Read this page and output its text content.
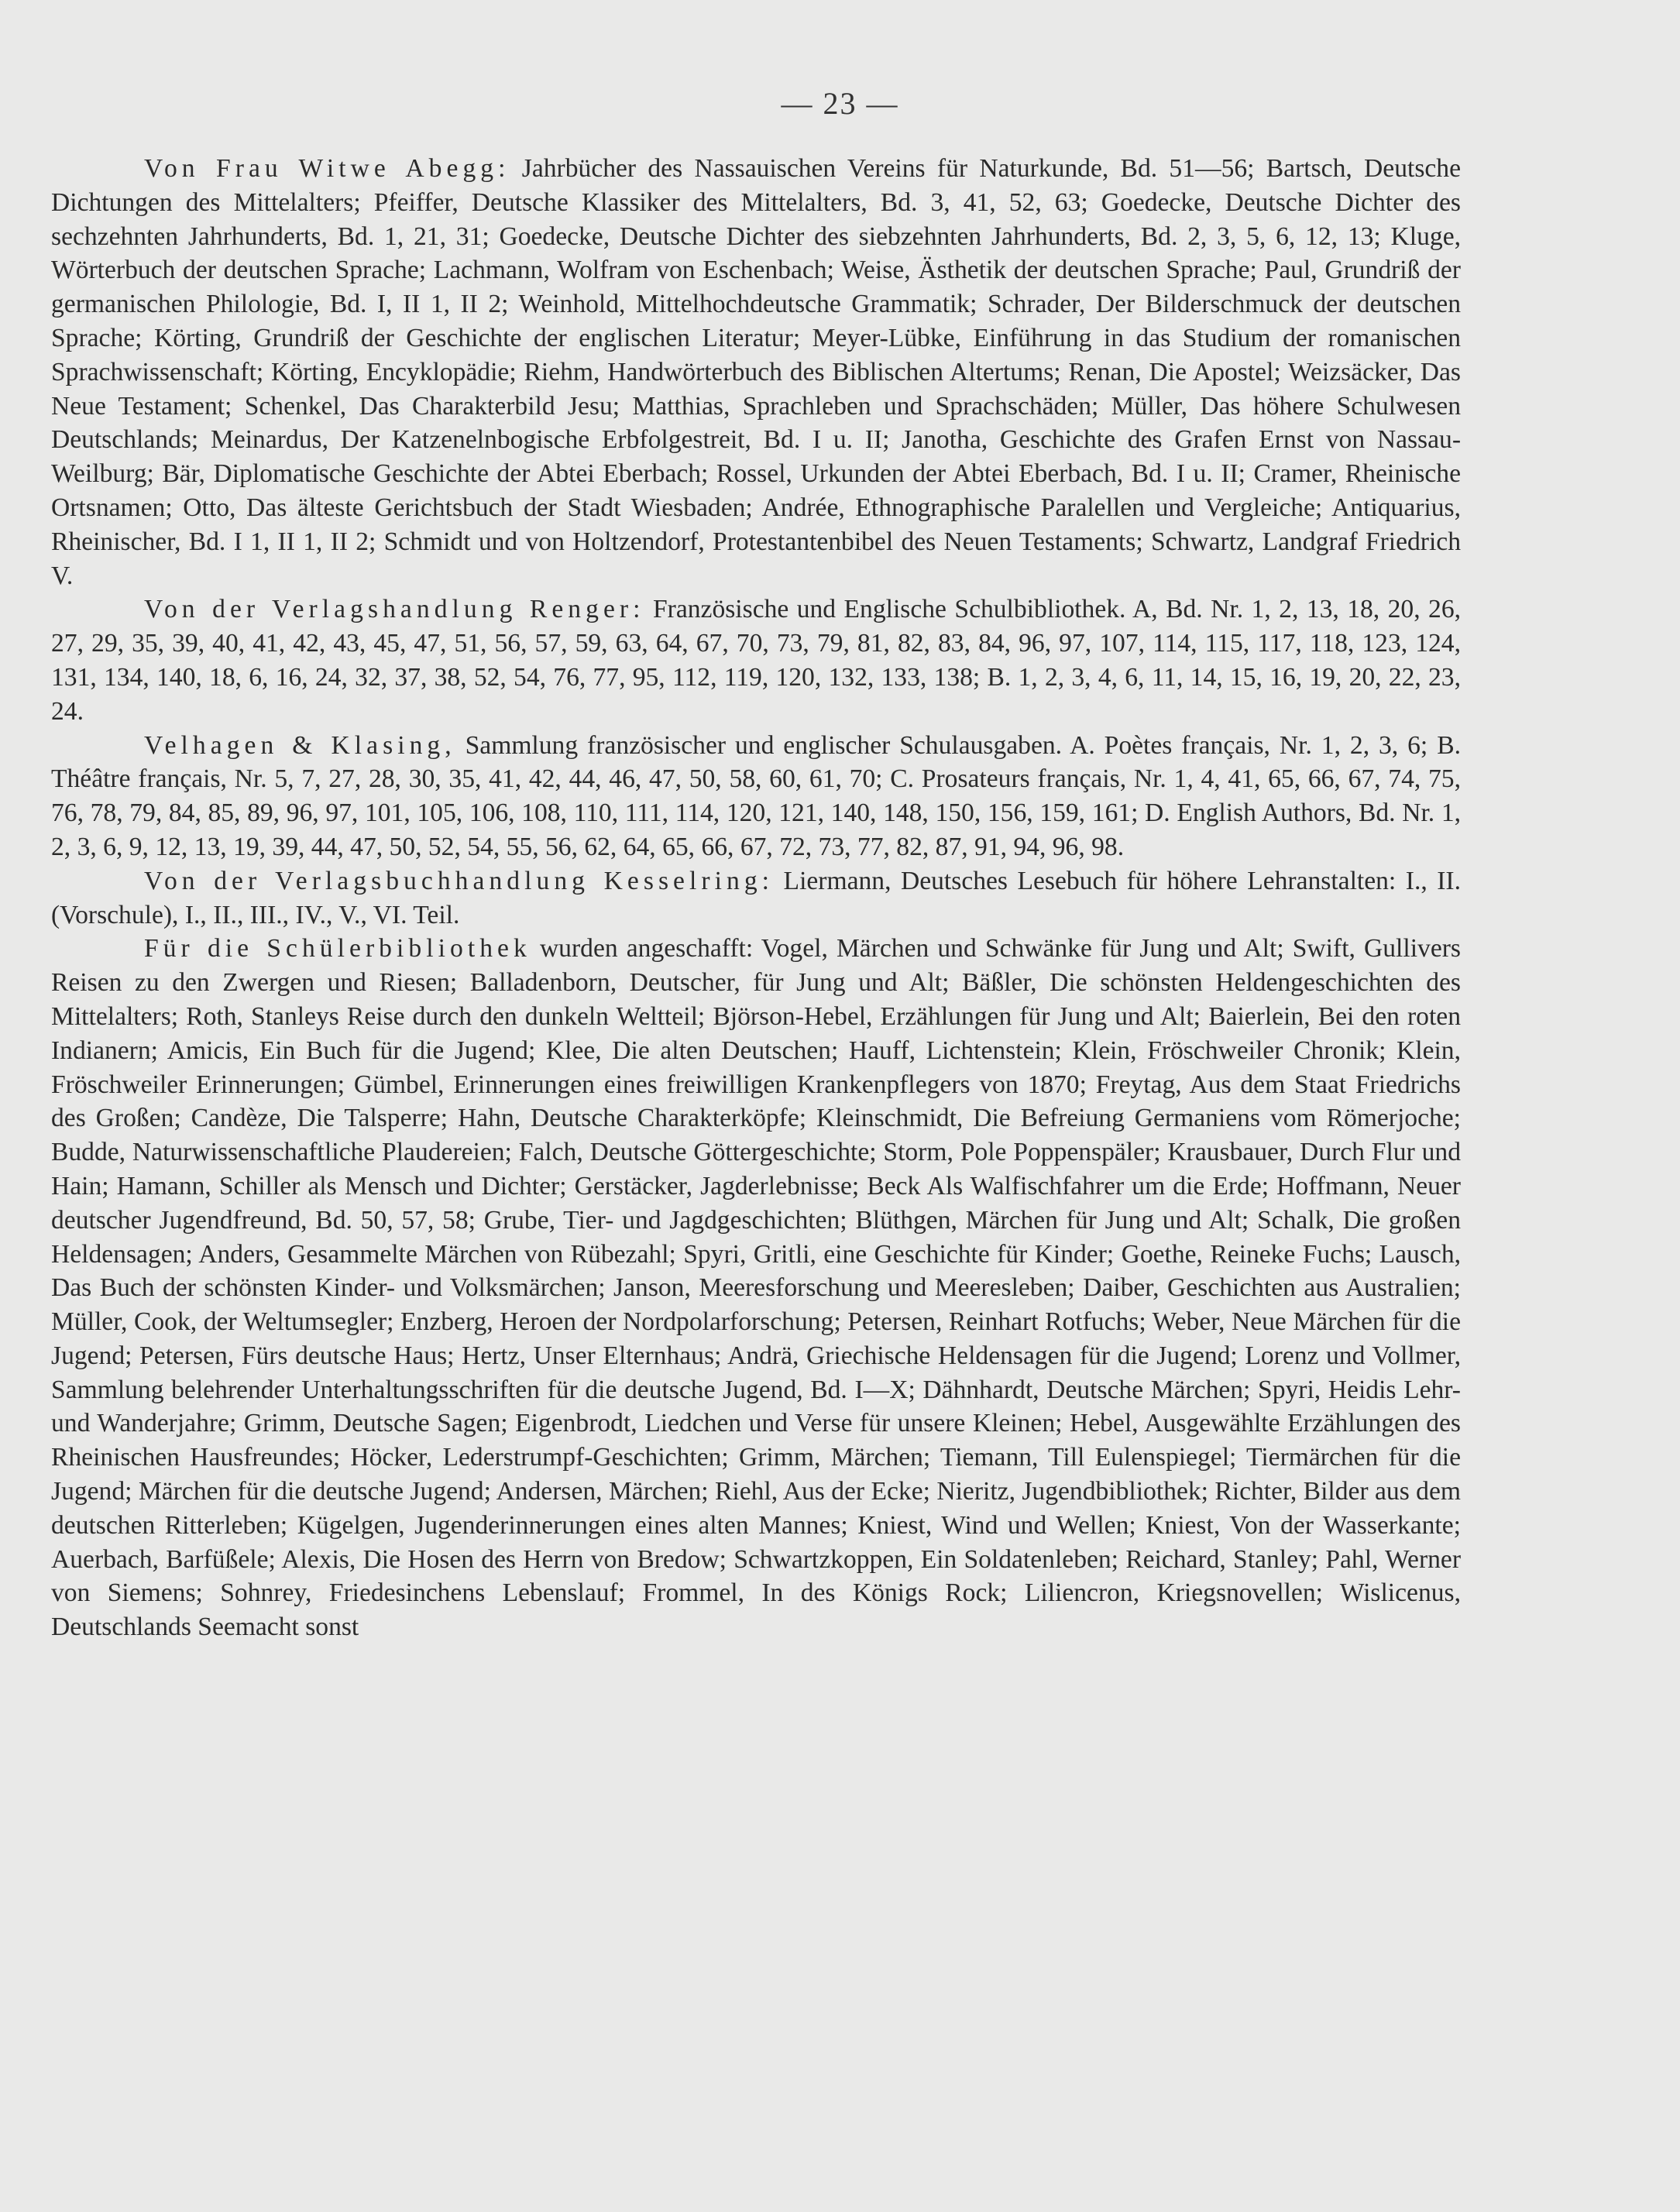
— 23 —

Von Frau Witwe Abegg: Jahrbücher des Nassauischen Vereins für Naturkunde, Bd. 51—56; Bartsch, Deutsche Dichtungen des Mittelalters; Pfeiffer, Deutsche Klassiker des Mittelalters, Bd. 3, 41, 52, 63; Goedecke, Deutsche Dichter des sechzehnten Jahrhunderts, Bd. 1, 21, 31; Goedecke, Deutsche Dichter des siebzehnten Jahrhunderts, Bd. 2, 3, 5, 6, 12, 13; Kluge, Wörterbuch der deutschen Sprache; Lachmann, Wolfram von Eschenbach; Weise, Ästhetik der deutschen Sprache; Paul, Grundriß der germanischen Philologie, Bd. I, II 1, II 2; Weinhold, Mittelhochdeutsche Grammatik; Schrader, Der Bilderschmuck der deutschen Sprache; Körting, Grundriß der Geschichte der englischen Literatur; Meyer-Lübke, Einführung in das Studium der romanischen Sprachwissenschaft; Körting, Encyklopädie; Riehm, Handwörterbuch des Biblischen Altertums; Renan, Die Apostel; Weizsäcker, Das Neue Testament; Schenkel, Das Charakterbild Jesu; Matthias, Sprachleben und Sprachschäden; Müller, Das höhere Schulwesen Deutschlands; Meinardus, Der Katzenelnbogische Erbfolgestreit, Bd. I u. II; Janotha, Geschichte des Grafen Ernst von Nassau-Weilburg; Bär, Diplomatische Geschichte der Abtei Eberbach; Rossel, Urkunden der Abtei Eberbach, Bd. I u. II; Cramer, Rheinische Ortsnamen; Otto, Das älteste Gerichtsbuch der Stadt Wiesbaden; Andrée, Ethnographische Paralellen und Vergleiche; Antiquarius, Rheinischer, Bd. I 1, II 1, II 2; Schmidt und von Holtzendorf, Protestantenbibel des Neuen Testaments; Schwartz, Landgraf Friedrich V.

Von der Verlagshandlung Renger: Französische und Englische Schulbibliothek. A, Bd. Nr. 1, 2, 13, 18, 20, 26, 27, 29, 35, 39, 40, 41, 42, 43, 45, 47, 51, 56, 57, 59, 63, 64, 67, 70, 73, 79, 81, 82, 83, 84, 96, 97, 107, 114, 115, 117, 118, 123, 124, 131, 134, 140, 18, 6, 16, 24, 32, 37, 38, 52, 54, 76, 77, 95, 112, 119, 120, 132, 133, 138; B. 1, 2, 3, 4, 6, 11, 14, 15, 16, 19, 20, 22, 23, 24.

Velhagen & Klasing, Sammlung französischer und englischer Schulausgaben. A. Poètes français, Nr. 1, 2, 3, 6; B. Théâtre français, Nr. 5, 7, 27, 28, 30, 35, 41, 42, 44, 46, 47, 50, 58, 60, 61, 70; C. Prosateurs français, Nr. 1, 4, 41, 65, 66, 67, 74, 75, 76, 78, 79, 84, 85, 89, 96, 97, 101, 105, 106, 108, 110, 111, 114, 120, 121, 140, 148, 150, 156, 159, 161; D. English Authors, Bd. Nr. 1, 2, 3, 6, 9, 12, 13, 19, 39, 44, 47, 50, 52, 54, 55, 56, 62, 64, 65, 66, 67, 72, 73, 77, 82, 87, 91, 94, 96, 98.

Von der Verlagsbuchhandlung Kesselring: Liermann, Deutsches Lesebuch für höhere Lehranstalten: I., II. (Vorschule), I., II., III., IV., V., VI. Teil.

Für die Schülerbibliothek wurden angeschafft: Vogel, Märchen und Schwänke für Jung und Alt; Swift, Gullivers Reisen zu den Zwergen und Riesen; Balladenborn, Deutscher, für Jung und Alt; Bäßler, Die schönsten Heldengeschichten des Mittelalters; Roth, Stanleys Reise durch den dunkeln Weltteil; Björson-Hebel, Erzählungen für Jung und Alt; Baierlein, Bei den roten Indianern; Amicis, Ein Buch für die Jugend; Klee, Die alten Deutschen; Hauff, Lichtenstein; Klein, Fröschweiler Chronik; Klein, Fröschweiler Erinnerungen; Gümbel, Erinnerungen eines freiwilligen Krankenpflegers von 1870; Freytag, Aus dem Staat Friedrichs des Großen; Candèze, Die Talsperre; Hahn, Deutsche Charakterköpfe; Kleinschmidt, Die Befreiung Germaniens vom Römerjoche; Budde, Naturwissenschaftliche Plaudereien; Falch, Deutsche Göttergeschichte; Storm, Pole Poppenspäler; Krausbauer, Durch Flur und Hain; Hamann, Schiller als Mensch und Dichter; Gerstäcker, Jagderlebnisse; Beck Als Walfischfahrer um die Erde; Hoffmann, Neuer deutscher Jugendfreund, Bd. 50, 57, 58; Grube, Tier- und Jagdgeschichten; Blüthgen, Märchen für Jung und Alt; Schalk, Die großen Heldensagen; Anders, Gesammelte Märchen von Rübezahl; Spyri, Gritli, eine Geschichte für Kinder; Goethe, Reineke Fuchs; Lausch, Das Buch der schönsten Kinder- und Volksmärchen; Janson, Meeresforschung und Meeresleben; Daiber, Geschichten aus Australien; Müller, Cook, der Weltumsegler; Enzberg, Heroen der Nordpolarforschung; Petersen, Reinhart Rotfuchs; Weber, Neue Märchen für die Jugend; Petersen, Fürs deutsche Haus; Hertz, Unser Elternhaus; Andrä, Griechische Heldensagen für die Jugend; Lorenz und Vollmer, Sammlung belehrender Unterhaltungsschriften für die deutsche Jugend, Bd. I—X; Dähnhardt, Deutsche Märchen; Spyri, Heidis Lehr- und Wanderjahre; Grimm, Deutsche Sagen; Eigenbrodt, Liedchen und Verse für unsere Kleinen; Hebel, Ausgewählte Erzählungen des Rheinischen Hausfreundes; Höcker, Lederstrumpf-Geschichten; Grimm, Märchen; Tiemann, Till Eulenspiegel; Tiermärchen für die Jugend; Märchen für die deutsche Jugend; Andersen, Märchen; Riehl, Aus der Ecke; Nieritz, Jugendbibliothek; Richter, Bilder aus dem deutschen Ritterleben; Kügelgen, Jugenderinnerungen eines alten Mannes; Kniest, Wind und Wellen; Kniest, Von der Wasserkante; Auerbach, Barfüßele; Alexis, Die Hosen des Herrn von Bredow; Schwartzkoppen, Ein Soldatenleben; Reichard, Stanley; Pahl, Werner von Siemens; Sohnrey, Friedesinchens Lebenslauf; Frommel, In des Königs Rock; Liliencron, Kriegsnovellen; Wislicenus, Deutschlands Seemacht sonst
